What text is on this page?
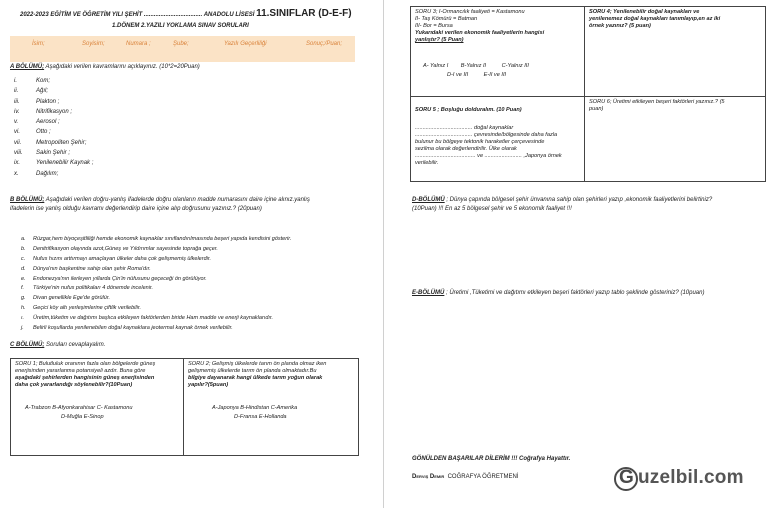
2022-2023 EĞİTİM VE ÖĞRETİM YILI ŞEHİT ................................... ANADOLU LİSESİ 11.SINIFLAR (D-E-F)
1.DÖNEM 2.YAZILI YOKLAMA SINAV SORULARI
İsim;	Soyisim;	Numara ;	Şube;	Yazılı Geçerliliği	Sonuç;/Puan;
A BÖLÜMÜ; Aşağıdaki verilen kavramlarını açıklayınız. (10*2=20Puan)
i.	Kom;
ii.	Ağıl;
iii.	Plakton ;
iv.	Nitrifikasyon ;
v.	Aerosol ;
vi.	Otto ;
vii. Metropoliten Şehir;
viii. Sakin Şehir ;
ix.	Yenilenebilir Kaynak ;
x.	Dağılım;
B BÖLÜMÜ; Aşağıdaki verilen doğru-yanlış ifadelerde doğru olanların madde numarasını daire içine alınız.yanlış
ifadelerin ise yanlış olduğu kavramı değerlendirip daire içine alıp doğrusunu yazınız.? (20puan)
a. Rüzgar,hem biyoçeşitliliği hemde ekonomik kaynaklar sınıflandırılmasında beşeri yapıda kendisini gösterir.
b. Denitrifikasyon olayında azot,Güneş ve Yıldırımlar sayesinde toprağa geçer.
c. Nufus hızını arttırmayı amaçlayan ülkeler daha çok gelişmemiş ülkelerdir.
d. Dünya'nın başkentine sahip olan şehir Roma'dır.
e. Endonezya'nın ilerleyen yıllarda Çin'in nüfusunu geçeceği ön görülüyor.
f. Türkiye'nin nufus politikaları 4 dönemde incelenir.
g. Divan genellikle Ege'de görülür.
h. Geçici köy altı yerleşimlerine çiftlik verilebilir.
ı. Üretim,tüketim ve dağıtımı başlıca etkileyen faktörlerden biride Ham madde ve enerji kaynaklarıdır.
j. Belirli koşullarda yenilenebilen doğal kaynaklara jeotermal kaynak örnek verilebilir.
C BÖLÜMÜ; Soruları cevaplayalım.
SORU 1; Bulutluluk oranının fazla olan bölgelerde güneş
enerjisinden yararlanma potansiyeli azdır. Buna göre
aşağıdaki şehirlerden hangisinin güneş enerjisinden
daha çok yararlandığı söylenebilir?(10Puan)
A-Trabzon B-Afyonkarahisar C- Kastamonu
D-Muğla E-Sinop
SORU 2; Gelişmiş ülkelerde tarım ön planda olmaz iken
gelişmemiş ülkelerde tarım ön planda olmaktadır.Bu
bilgiye dayanarak hangi ülkede tarım yoğun olarak
yapılır?(5puan)
A-Japonya B-Hindistan C-Amerika
D-Fransa E-Hollanda
SORU 3; I-Ormancılık faaliyeti = Kastamonu
II- Taş Kömürü = Batman
III- Bor = Bursa
Yukarıdaki verilen ekonomik faaliyetlerin hangisi
yanlıştır? (5 Puan)
A- Yalnız I        B-Yalnız II          C-Yalnız III
D-I ve III          E-II ve III
SORU 4; Yenilenebilir doğal kaynakları ve
yenilenemez doğal kaynakları tanımlayıp,en az iki
örnek yazınız? (5 puan)
SORU 5 ; Boşluğu dolduralım. (10 Puan)
..................................... doğal kaynaklar
..................................... çevresinde/bölgesinde daha fazla
bulunur bu bölgeye tektonik haraketler çerçevesinde
sezilma olarak değerlendirilir. Ülke olarak
....................................... ve ........................ ,Japonya örnek
verilebilir.
SORU 6; Üretimi etkileyen beşeri faktörleri yazınız.? (5
puan)
D-BÖLÜMÜ ; Dünya çapında bölgesel şehir ünvanına sahip olan şehirleri yazıp ,ekonomik faaliyetlerini belirtiniz?
(10Puan) !!! En az 5 bölgesel şehir ve 5 ekonomik faaliyet !!!
E-BÖLÜMÜ ; Üretimi ,Tüketimi ve dağıtımı etkileyen beşeri faktörleri yazıp tablo şeklinde gösteriniz? (10puan)
GÖNÜLDEN BAŞARILAR DİLERİM !!! Coğrafya Hayattır.
Derviş Demir  COĞRAFYA ÖĞRETMENİ	G uzelbil.com
